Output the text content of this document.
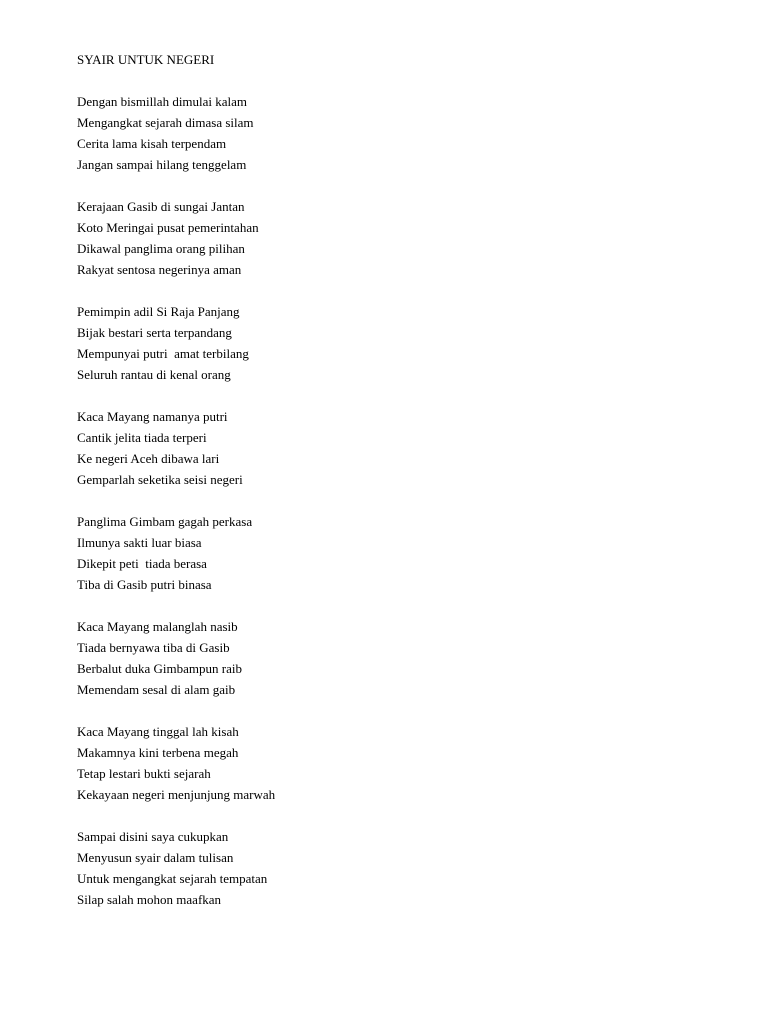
SYAIR UNTUK NEGERI
Dengan bismillah dimulai kalam
Mengangkat sejarah dimasa silam
Cerita lama kisah terpendam
Jangan sampai hilang tenggelam
Kerajaan Gasib di sungai Jantan
Koto Meringai pusat pemerintahan
Dikawal panglima orang pilihan
Rakyat sentosa negerinya aman
Pemimpin adil Si Raja Panjang
Bijak bestari serta terpandang
Mempunyai putri  amat terbilang
Seluruh rantau di kenal orang
Kaca Mayang namanya putri
Cantik jelita tiada terperi
Ke negeri Aceh dibawa lari
Gemparlah seketika seisi negeri
Panglima Gimbam gagah perkasa
Ilmunya sakti luar biasa
Dikepit peti  tiada berasa
Tiba di Gasib putri binasa
Kaca Mayang malanglah nasib
Tiada bernyawa tiba di Gasib
Berbalut duka Gimbampun raib
Memendam sesal di alam gaib
Kaca Mayang tinggal lah kisah
Makamnya kini terbena megah
Tetap lestari bukti sejarah
Kekayaan negeri menjunjung marwah
Sampai disini saya cukupkan
Menyusun syair dalam tulisan
Untuk mengangkat sejarah tempatan
Silap salah mohon maafkan
